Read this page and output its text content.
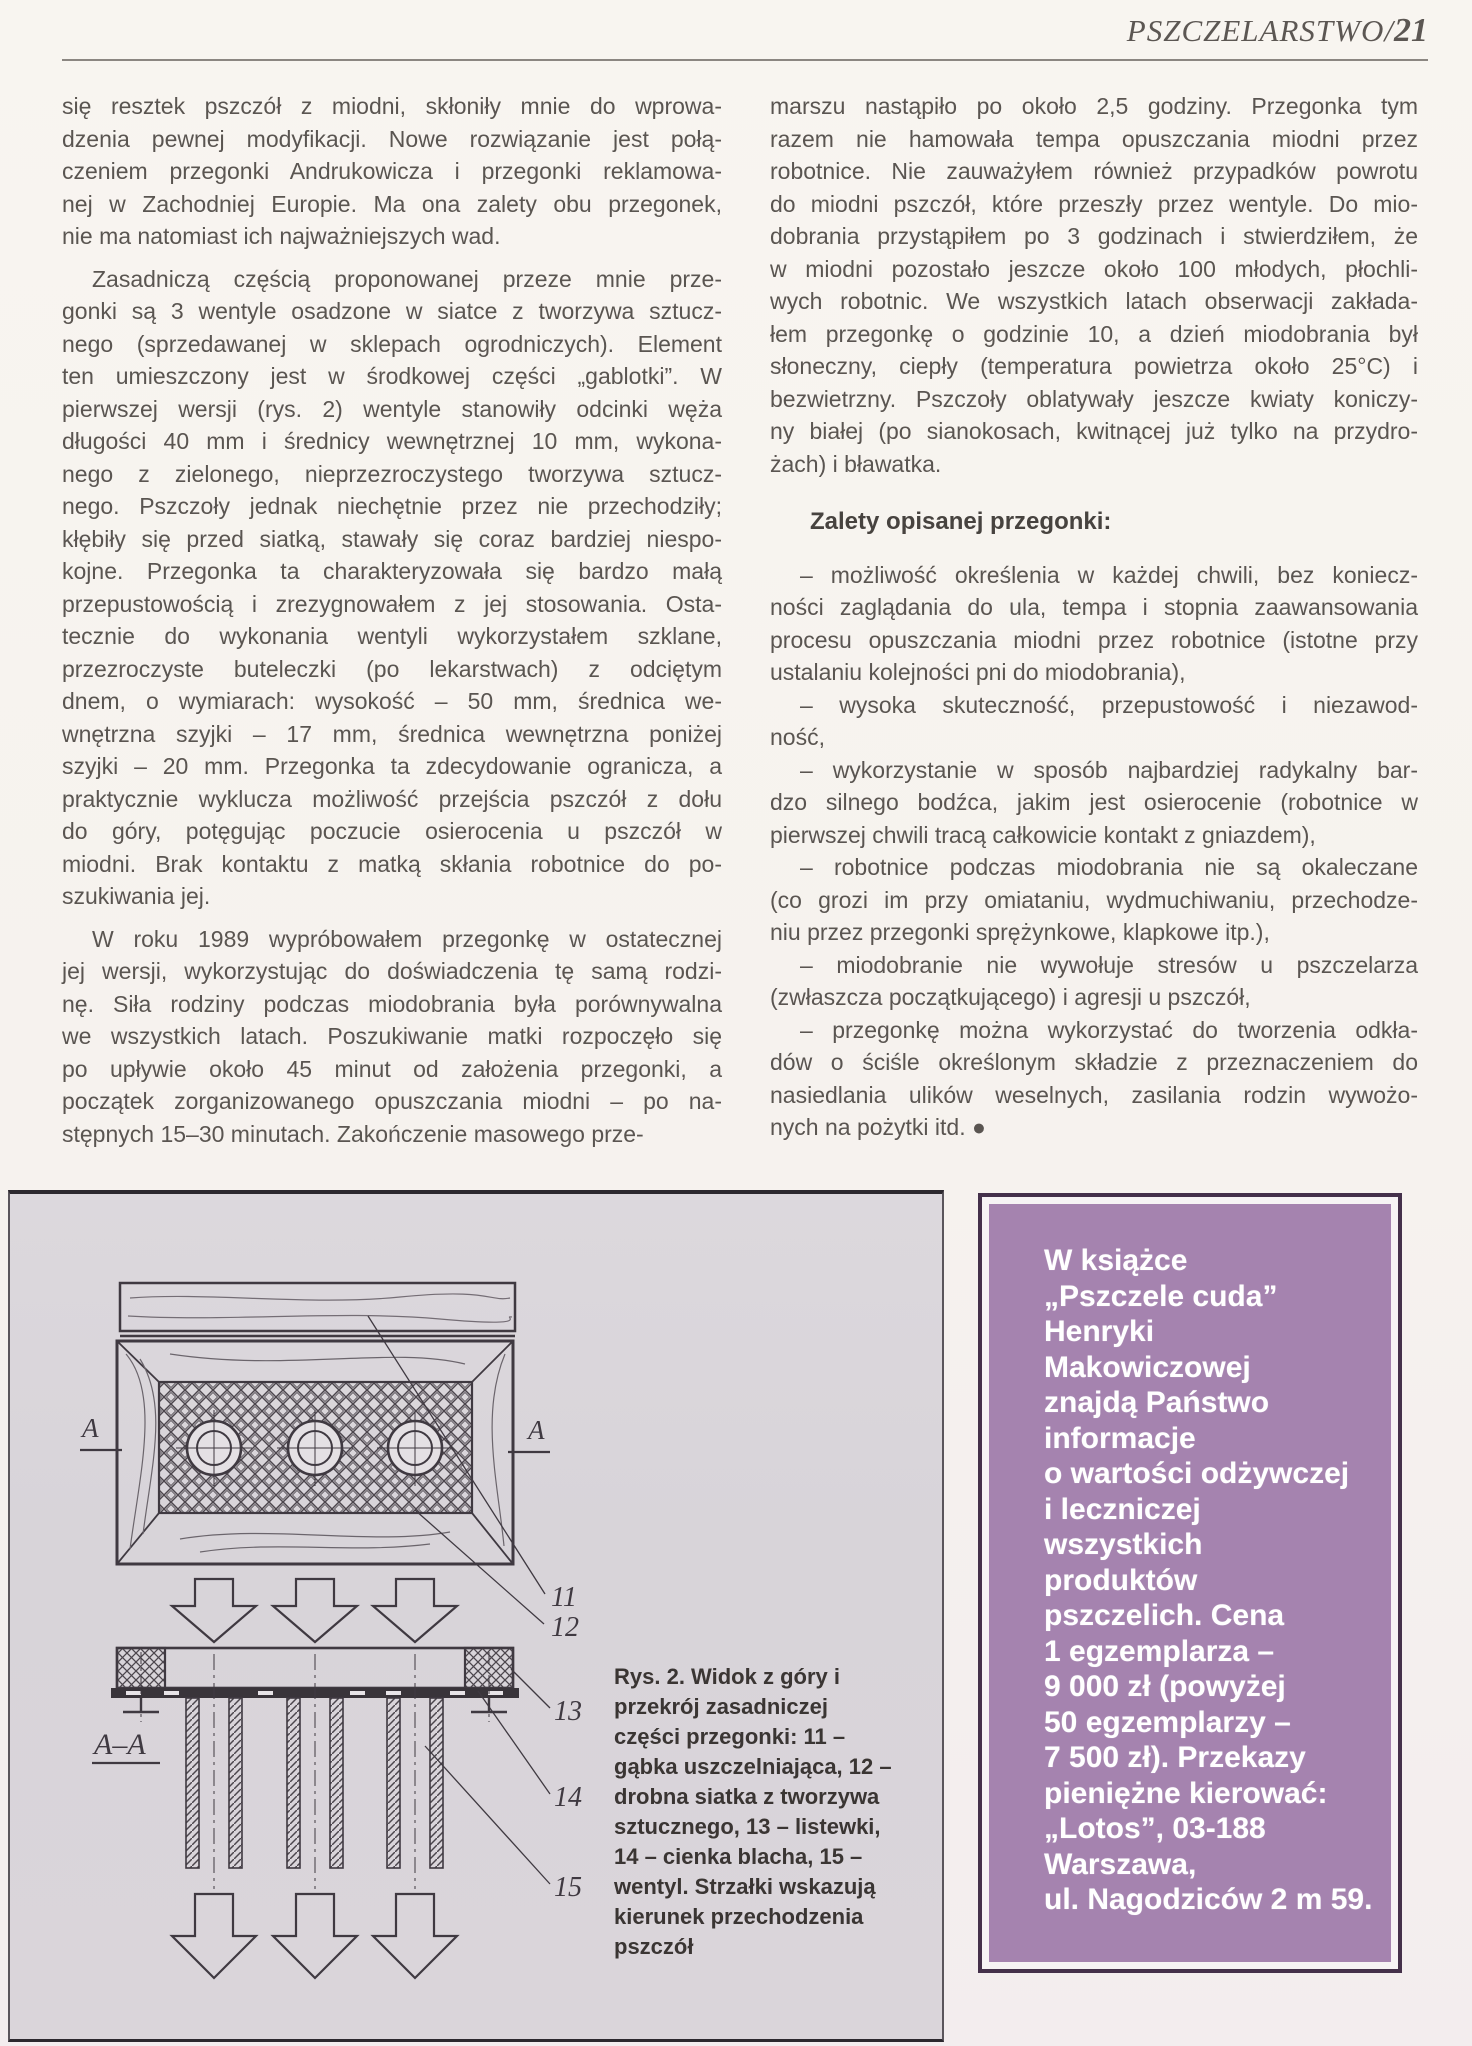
PSZCZELARSTWO/21
się resztek pszczół z miodni, skłoniły mnie do wprowa-
dzenia pewnej modyfikacji. Nowe rozwiązanie jest połą-
czeniem przegonki Andrukowicza i przegonki reklamowa-
nej w Zachodniej Europie. Ma ona zalety obu przegonek,
nie ma natomiast ich najważniejszych wad.
Zasadniczą częścią proponowanej przeze mnie prze-
gonki są 3 wentyle osadzone w siatce z tworzywa sztucz-
nego (sprzedawanej w sklepach ogrodniczych). Element
ten umieszczony jest w środkowej części „gablotki”. W
pierwszej wersji (rys. 2) wentyle stanowiły odcinki węża
długości 40 mm i średnicy wewnętrznej 10 mm, wykona-
nego z zielonego, nieprzezroczystego tworzywa sztucz-
nego. Pszczoły jednak niechętnie przez nie przechodziły;
kłębiły się przed siatką, stawały się coraz bardziej niespo-
kojne. Przegonka ta charakteryzowała się bardzo małą
przepustowością i zrezygnowałem z jej stosowania. Osta-
tecznie do wykonania wentyli wykorzystałem szklane,
przezroczyste buteleczki (po lekarstwach) z odciętym
dnem, o wymiarach: wysokość – 50 mm, średnica we-
wnętrzna szyjki – 17 mm, średnica wewnętrzna poniżej
szyjki – 20 mm. Przegonka ta zdecydowanie ogranicza, a
praktycznie wyklucza możliwość przejścia pszczół z dołu
do góry, potęgując poczucie osierocenia u pszczół w
miodni. Brak kontaktu z matką skłania robotnice do po-
szukiwania jej.
W roku 1989 wypróbowałem przegonkę w ostatecznej
jej wersji, wykorzystując do doświadczenia tę samą rodzi-
nę. Siła rodziny podczas miodobrania była porównywalna
we wszystkich latach. Poszukiwanie matki rozpoczęło się
po upływie około 45 minut od założenia przegonki, a
początek zorganizowanego opuszczania miodni – po na-
stępnych 15–30 minutach. Zakończenie masowego prze-
marszu nastąpiło po około 2,5 godziny. Przegonka tym
razem nie hamowała tempa opuszczania miodni przez
robotnice. Nie zauważyłem również przypadków powrotu
do miodni pszczół, które przeszły przez wentyle. Do mio-
dobrania przystąpiłem po 3 godzinach i stwierdziłem, że
w miodni pozostało jeszcze około 100 młodych, płochli-
wych robotnic. We wszystkich latach obserwacji zakłada-
łem przegonkę o godzinie 10, a dzień miodobrania był
słoneczny, ciepły (temperatura powietrza około 25°C) i
bezwietrzny. Pszczoły oblatywały jeszcze kwiaty koniczy-
ny białej (po sianokosach, kwitnącej już tylko na przydro-
żach) i bławatka.
Zalety opisanej przegonki:
– możliwość określenia w każdej chwili, bez koniecz-
ności zaglądania do ula, tempa i stopnia zaawansowania
procesu opuszczania miodni przez robotnice (istotne przy
ustalaniu kolejności pni do miodobrania),
– wysoka skuteczność, przepustowość i niezawod-
ność,
– wykorzystanie w sposób najbardziej radykalny bar-
dzo silnego bodźca, jakim jest osierocenie (robotnice w
pierwszej chwili tracą całkowicie kontakt z gniazdem),
– robotnice podczas miodobrania nie są okaleczane
(co grozi im przy omiataniu, wydmuchiwaniu, przechodze-
niu przez przegonki sprężynkowe, klapkowe itp.),
– miodobranie nie wywołuje stresów u pszczelarza
(zwłaszcza początkującego) i agresji u pszczół,
– przegonkę można wykorzystać do tworzenia odkła-
dów o ściśle określonym składzie z przeznaczeniem do
nasiedlania ulików weselnych, zasilania rodzin wywożo-
nych na pożytki itd. ●
A	A
A–A
11
12
13
14
15
Rys. 2. Widok z góry i
przekrój zasadniczej
części przegonki: 11 –
gąbka uszczelniająca, 12 –
drobna siatka z tworzywa
sztucznego, 13 – listewki,
14 – cienka blacha, 15 –
wentyl. Strzałki wskazują
kierunek przechodzenia
pszczół
W książce
„Pszczele cuda”
Henryki
Makowiczowej
znajdą Państwo
informacje
o wartości odżywczej
i leczniczej
wszystkich
produktów
pszczelich. Cena
1 egzemplarza –
9 000 zł (powyżej
50 egzemplarzy –
7 500 zł). Przekazy
pieniężne kierować:
„Lotos”, 03-188
Warszawa,
ul. Nagodziców 2 m 59.
